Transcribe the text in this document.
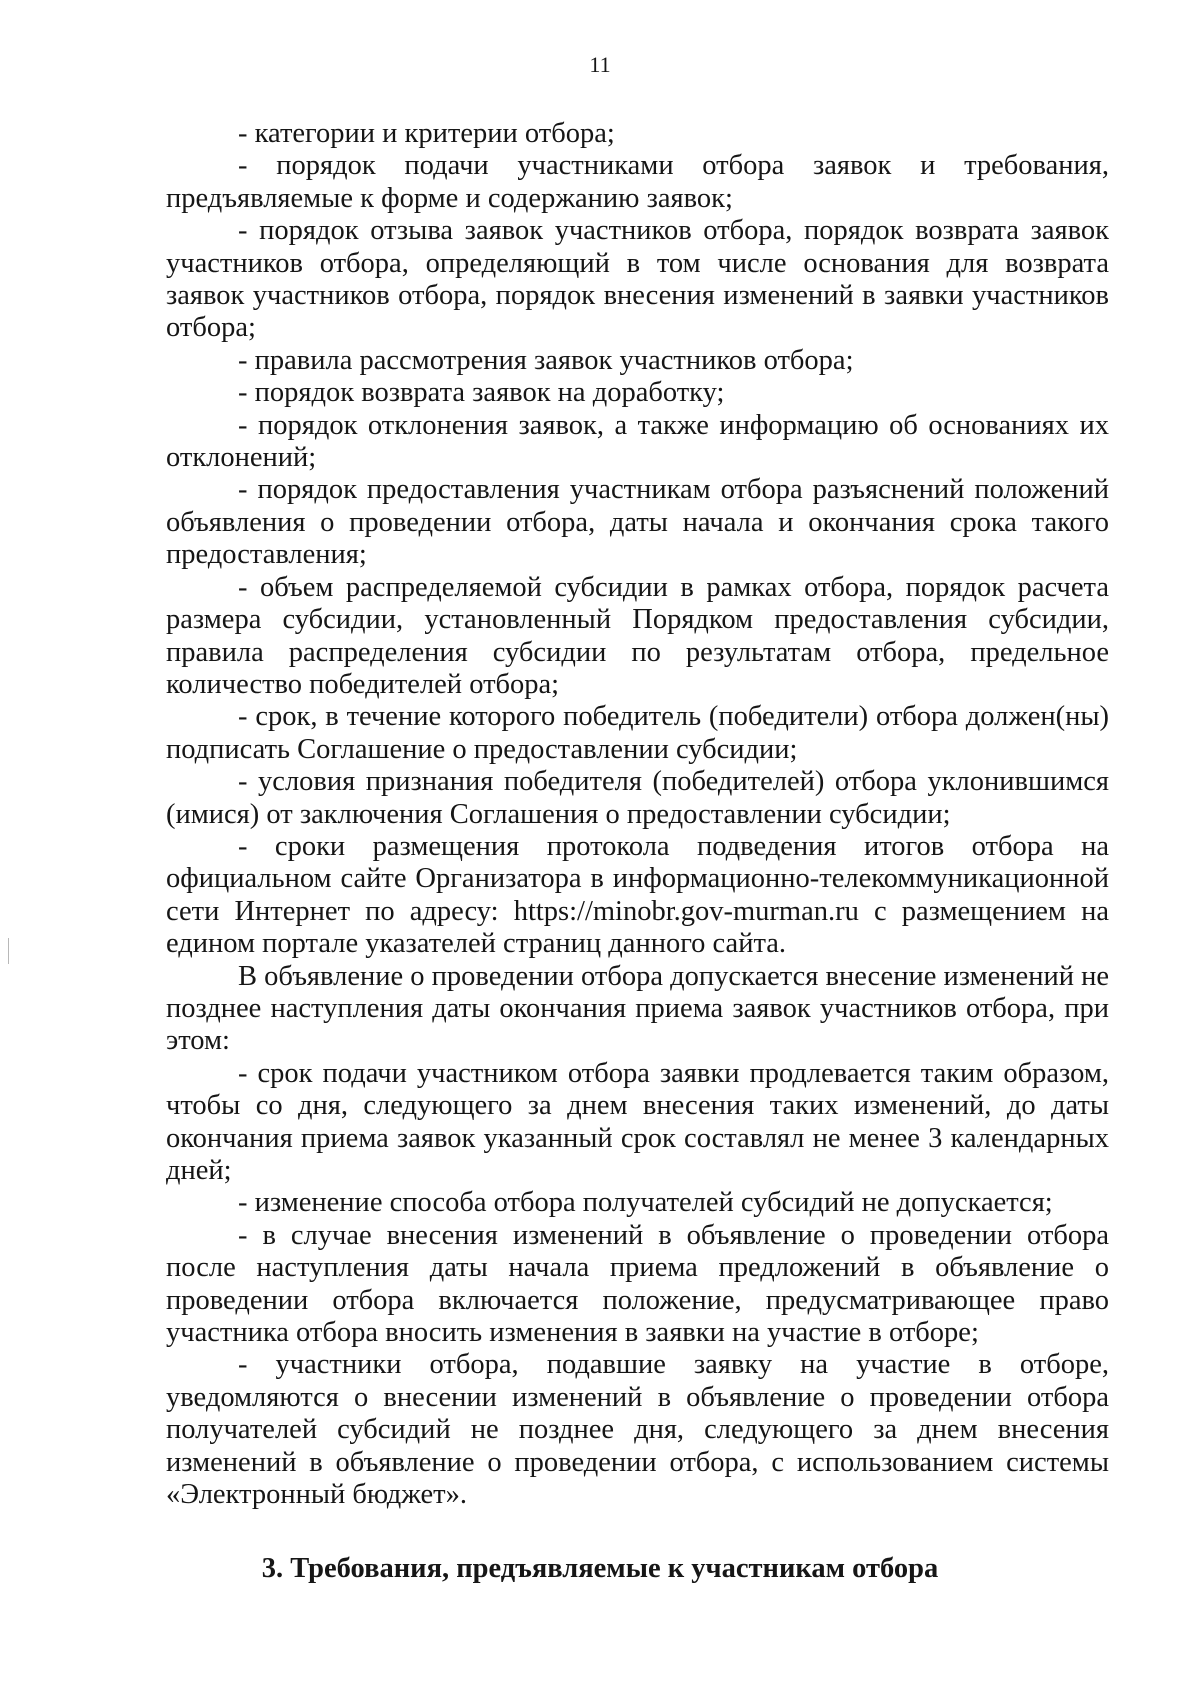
11

- категории и критерии отбора;

- порядок подачи участниками отбора заявок и требования, предъявляемые к форме и содержанию заявок;

- порядок отзыва заявок участников отбора, порядок возврата заявок участников отбора, определяющий в том числе основания для возврата заявок участников отбора, порядок внесения изменений в заявки участников отбора;

- правила рассмотрения заявок участников отбора;

- порядок возврата заявок на доработку;

- порядок отклонения заявок, а также информацию об основаниях их отклонений;

- порядок предоставления участникам отбора разъяснений положений объявления о проведении отбора, даты начала и окончания срока такого предоставления;

- объем распределяемой субсидии в рамках отбора, порядок расчета размера субсидии, установленный Порядком предоставления субсидии, правила распределения субсидии по результатам отбора, предельное количество победителей отбора;

- срок, в течение которого победитель (победители) отбора должен(ны) подписать Соглашение о предоставлении субсидии;

- условия признания победителя (победителей) отбора уклонившимся (имися) от заключения Соглашения о предоставлении субсидии;

- сроки размещения протокола подведения итогов отбора на официальном сайте Организатора в информационно-телекоммуникационной сети Интернет по адресу: https://minobr.gov-murman.ru с размещением на едином портале указателей страниц данного сайта.

В объявление о проведении отбора допускается внесение изменений не позднее наступления даты окончания приема заявок участников отбора, при этом:

- срок подачи участником отбора заявки продлевается таким образом, чтобы со дня, следующего за днем внесения таких изменений, до даты окончания приема заявок указанный срок составлял не менее 3 календарных дней;

- изменение способа отбора получателей субсидий не допускается;

- в случае внесения изменений в объявление о проведении отбора после наступления даты начала приема предложений в объявление о проведении отбора включается положение, предусматривающее право участника отбора вносить изменения в заявки на участие в отборе;

- участники отбора, подавшие заявку на участие в отборе, уведомляются о внесении изменений в объявление о проведении отбора получателей субсидий не позднее дня, следующего за днем внесения изменений в объявление о проведении отбора, с использованием системы «Электронный бюджет».

3. Требования, предъявляемые к участникам отбора
